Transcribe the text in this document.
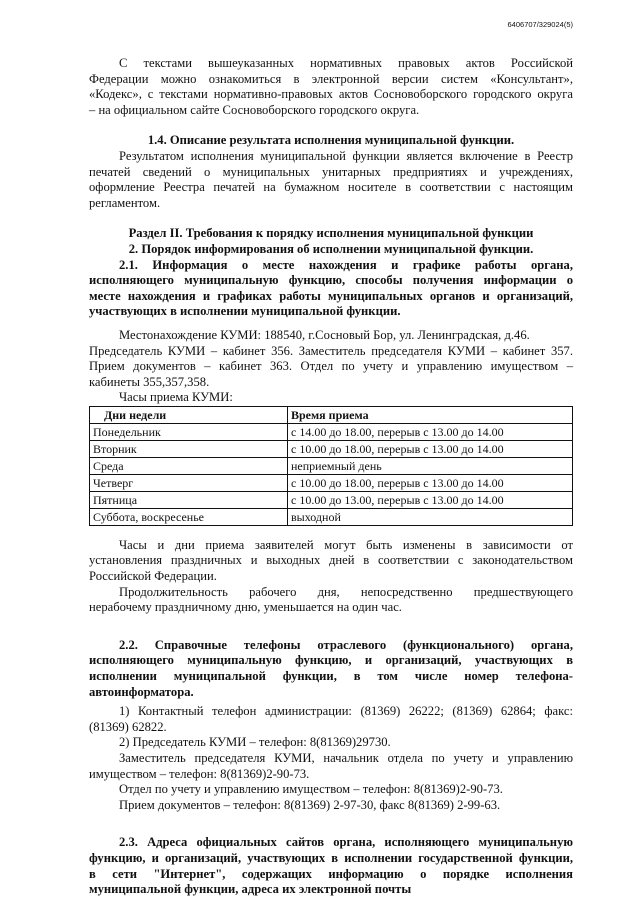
6406707/329024(5)

С текстами вышеуказанных нормативных правовых актов Российской

Федерации можно ознакомиться в электронной версии систем «Консультант»,

«Кодекс», с текстами нормативно-правовых актов Сосновоборского городского округа

– на официальном сайте Сосновоборского городского округа.

1.4. Описание результата исполнения муниципальной функции.

Результатом исполнения муниципальной функции является включение в Реестр

печатей сведений о муниципальных унитарных предприятиях и учреждениях,

оформление Реестра печатей на бумажном носителе в соответствии с настоящим

регламентом.

Раздел II. Требования к порядку исполнения муниципальной функции

2. Порядок информирования об исполнении муниципальной функции.

2.1. Информация о месте нахождения и графике работы органа,

исполняющего муниципальную функцию, способы получения информации о

месте нахождения и графиках работы муниципальных органов и организаций,

участвующих в исполнении муниципальной функции.

Местонахождение КУМИ: 188540, г.Сосновый Бор, ул. Ленинградская, д.46.

Председатель КУМИ – кабинет 356. Заместитель председателя КУМИ – кабинет 357.

Прием документов – кабинет 363. Отдел по учету и управлению имуществом –

кабинеты 355,357,358.

Часы приема КУМИ:

Дни недели	Время приема
Понедельник	с 14.00 до 18.00, перерыв с 13.00 до 14.00
Вторник	с 10.00 до 18.00, перерыв с 13.00 до 14.00
Среда	неприемный день
Четверг	с 10.00 до 18.00, перерыв с 13.00 до 14.00
Пятница	с 10.00 до 13.00, перерыв с 13.00 до 14.00
Суббота, воскресенье	выходной

Часы и дни приема заявителей могут быть изменены в зависимости от

установления праздничных и выходных дней в соответствии с законодательством

Российской Федерации.

Продолжительность рабочего дня, непосредственно предшествующего

нерабочему праздничному дню, уменьшается на один час.

2.2. Справочные телефоны отраслевого (функционального) органа,

исполняющего муниципальную функцию, и организаций, участвующих в

исполнении муниципальной функции, в том числе номер телефона-

автоинформатора.

1) Контактный телефон администрации: (81369) 26222; (81369) 62864; факс:

(81369) 62822.

2) Председатель КУМИ – телефон: 8(81369)29730.

Заместитель председателя КУМИ, начальник отдела по учету и управлению

имуществом – телефон: 8(81369)2-90-73.

Отдел по учету и управлению имуществом – телефон: 8(81369)2-90-73.

Прием документов – телефон: 8(81369) 2-97-30, факс 8(81369) 2-99-63.

2.3. Адреса официальных сайтов органа, исполняющего муниципальную

функцию, и организаций, участвующих в исполнении государственной функции,

в сети "Интернет", содержащих информацию о порядке исполнения

муниципальной функции, адреса их электронной почты
